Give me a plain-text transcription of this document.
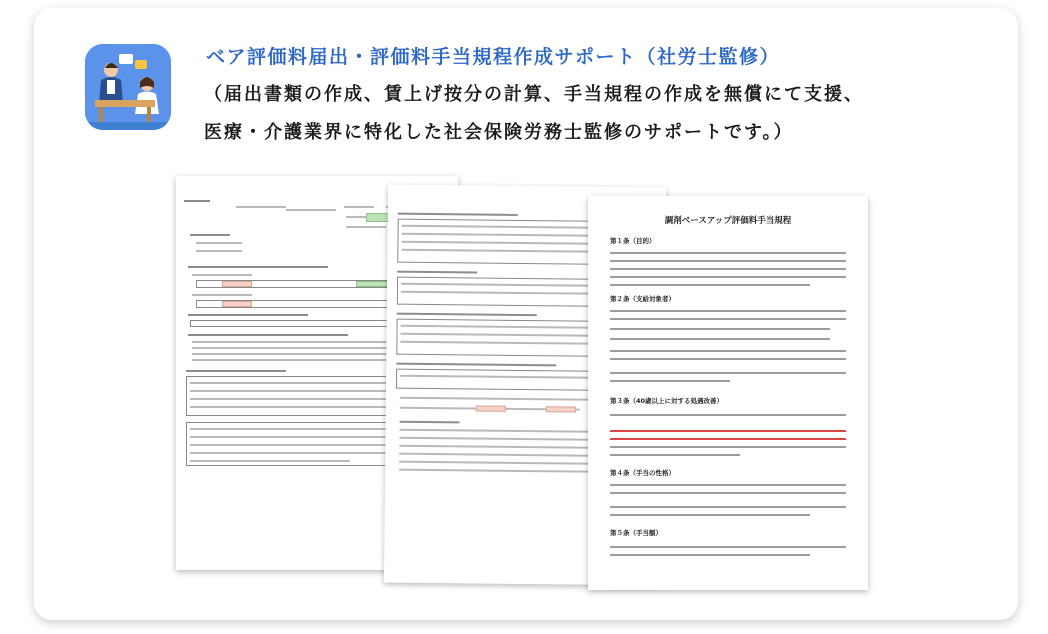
ベア評価料届出・評価料手当規程作成サポート（社労士監修）
（届出書類の作成、賃上げ按分の計算、手当規程の作成を無償にて支援、
医療・介護業界に特化した社会保険労務士監修のサポートです。）
調剤ベースアップ評価料手当規程
第１条（目的）
第２条（支給対象者）
第３条（40歳以上に対する処遇改善）
第４条（手当の性格）
第５条（手当額）
